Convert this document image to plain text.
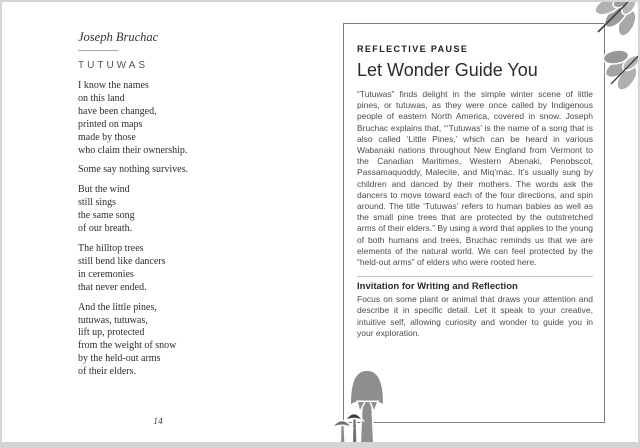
Joseph Bruchac
TUTUWAS
I know the names
on this land
have been changed,
printed on maps
made by those
who claim their ownership.
Some say nothing survives.
But the wind
still sings
the same song
of our breath.
The hilltop trees
still bend like dancers
in ceremonies
that never ended.
And the little pines,
tutuwas, tutuwas,
lift up, protected
from the weight of snow
by the held-out arms
of their elders.
14
REFLECTIVE PAUSE
Let Wonder Guide You

“Tutuwas” finds delight in the simple winter scene of little pines, or tutuwas, as they were once called by Indigenous people of eastern North America, covered in snow. Joseph Bruchac explains that, “‘Tutuwas’ is the name of a song that is also called ‘Little Pines,’ which can be heard in various Wabanaki nations throughout New England from Vermont to the Canadian Maritimes, Western Abenaki, Penobscot, Passamaquoddy, Malecite, and Miq’mac. It’s usually sung by children and danced by their mothers. The words ask the dancers to move toward each of the four directions, and spin around. The title ‘Tutuwas’ refers to human babies as well as the small pine trees that are protected by the outstretched arms of their elders.” By using a word that applies to the young of both humans and trees, Bruchac reminds us that we are elements of the natural world. We can feel protected by the “held-out arms” of elders who were rooted here.

Invitation for Writing and Reflection

Focus on some plant or animal that draws your attention and describe it in specific detail. Let it speak to your creative, intuitive self, allowing curiosity and wonder to guide you in your exploration.
